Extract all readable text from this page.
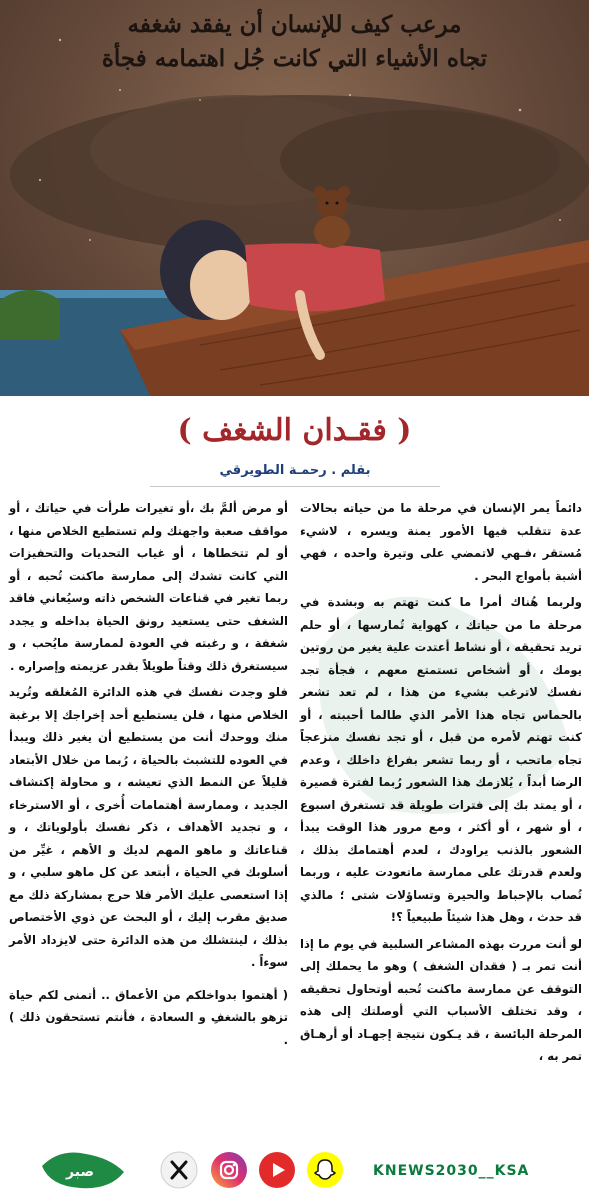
مرعب كيف للإنسان أن يفقد شغفه
تجاه الأشياء التي كانت جُل اهتمامه فجأة
( فقـدان الشغف )
بقلم . رحمـة الطويرقي

دائماً يمر الإنسان في مرحلة ما من حياته بحالات عدة تتقلب فيها الأمور يمنة ويسره ، لاشيء مُستقر ،فـهي لاتمضي على وتيرة واحده ، فهي أشبة بأمواج البحر .

ولربما هُناك أمرا ما كنت تهتم به وبشدة في مرحلة ما من حياتك ، كهواية تُمارسها ، أو حلم تريد تحقيقه ، أو نشاط أعتدت علية يغير من روتين يومك ، أو أشخاص تستمتع معهم ، فجأة تجد نفسك لاترغب بشيء من هذا ، لم تعد تشعر بالحماس تجاه هذا الأمر الذي طالما أحببته ، أو كنت تهتم لأمره من قبل ، أو تجد نفسك منزعجاً تجاه ماتحب ، أو ربما تشعر بفراغ داخلك ، وعدم الرضا أبداً ، يُلازمك هذا الشعور رُبما لفترة قصيرة ، أو يمتد بك إلى فترات طويلة قد تستغرق اسبوع ، أو شهر ، أو أكثر ، ومع مرور هذا الوقت يبدأ الشعور بالذنب يراودك ، لعدم أهتمامك بذلك ، ولعدم قدرتك على ممارسة ماتعودت عليه ، وربما تُصاب بالإحباط والحيرة وتساؤلات شتى ؛ مالذي قد حدث ، وهل هذا شيئاً طبيعياً ؟!

لو أنت مررت بهذه المشاعر السلبية في يوم ما إذا أنت تمر بـ ( فقدان الشغف ) وهو ما يحملك إلى التوقف عن ممارسة ماكنت تُحبه أوتحاول تحقيقه ، وقد تختلف الأسباب التي أوصلتك إلى هذه المرحلة البائسة ، قد يـكون نتيجة إجهـاد أو أرهـاق تمر به ،

أو مرض ألمَّ بك ،أو تغيرات طرأت في حياتك ، أو مواقف صعبة واجهتك ولم تستطيع الخلاص منها ، أو لم تتخطاها ، أو غياب التحديات والتحفيزات التي كانت تشدك إلى ممارسة ماكنت تُحبه ، أو ربما تغير في قناعات الشخص ذاته وسيُعاني فاقد الشغف حتى يستعيد رونق الحياة بداخله و يجدد شغفة ، و رغبته في العودة لممارسة مايُحب ، و سيستغرق ذلك وقتاً طويلاً بقدر عزيمته وإصراره .

فلو وجدت نفسك في هذه الدائرة المُغلقه وتُريد الخلاص منها ، فلن يستطيع أحد إخراجك إلا برغبة منك ووحدك أنت من يستطيع أن يغير ذلك ويبدأ في العوده للتشبث بالحياة ، رُبما من خلال الأبتعاد قليلاً عن النمط الذي تعيشه ، و محاولة إكتشاف الجديد ، وممارسة أهتمامات أُخرى ، أو الاسترخاء ، و تجديد الأهداف ، ذكر نفسك بأولوياتك ، و قناعاتك و ماهو المهم لديك و الأهم ، غيِّر من أسلوبك في الحياة ، أبتعد عن كل ماهو سلبي ، و إذا استعصى عليك الأمر فلا حرج بمشاركة ذلك مع صديق مقرب إليك ، أو البحث عن ذوي الأختصاص بذلك ، لينتشلك من هذه الدائرة حتى لايزداد الأمر سوءاً .

( أهتموا بدواخلكم من الأعماق .. أتمنى لكم حياة تزهو بالشغفِ و السعادة ، فأنتم تستحقون ذلك ) .

صبر	KNEWS2030__KSA
